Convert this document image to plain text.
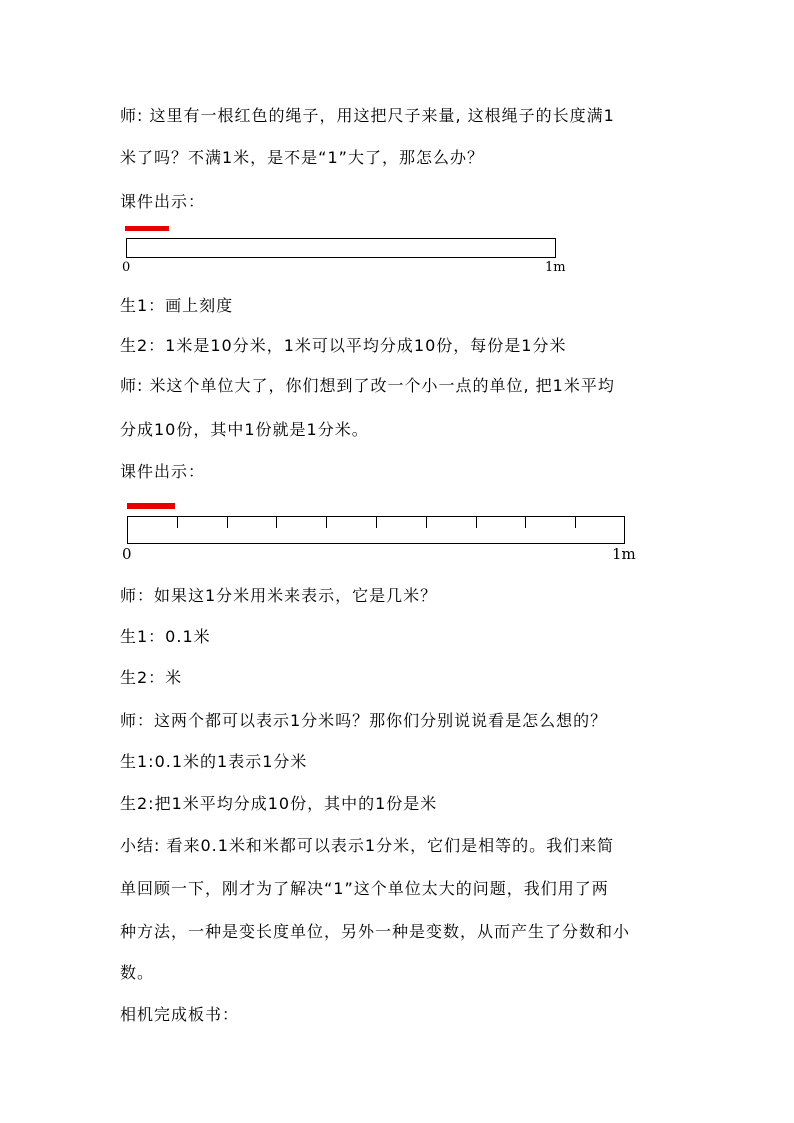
师: 这里有一根红色的绳子，用这把尺子来量, 这根绳子的长度满1
米了吗？不满1米，是不是“1”大了，那怎么办？
课件出示：
0	1m
生1：画上刻度
生2：1米是10分米，1米可以平均分成10份，每份是1分米
师: 米这个单位大了，你们想到了改一个小一点的单位, 把1米平均
分成10份，其中1份就是1分米。
课件出示：
0	1m
师：如果这1分米用米来表示，它是几米？
生1：0.1米
生2：米
师：这两个都可以表示1分米吗？那你们分别说说看是怎么想的？
生1:0.1米的1表示1分米
生2:把1米平均分成10份，其中的1份是米
小结: 看来0.1米和米都可以表示1分米，它们是相等的。我们来简
单回顾一下，刚才为了解决“1”这个单位太大的问题，我们用了两
种方法，一种是变长度单位，另外一种是变数，从而产生了分数和小
数。
相机完成板书：
